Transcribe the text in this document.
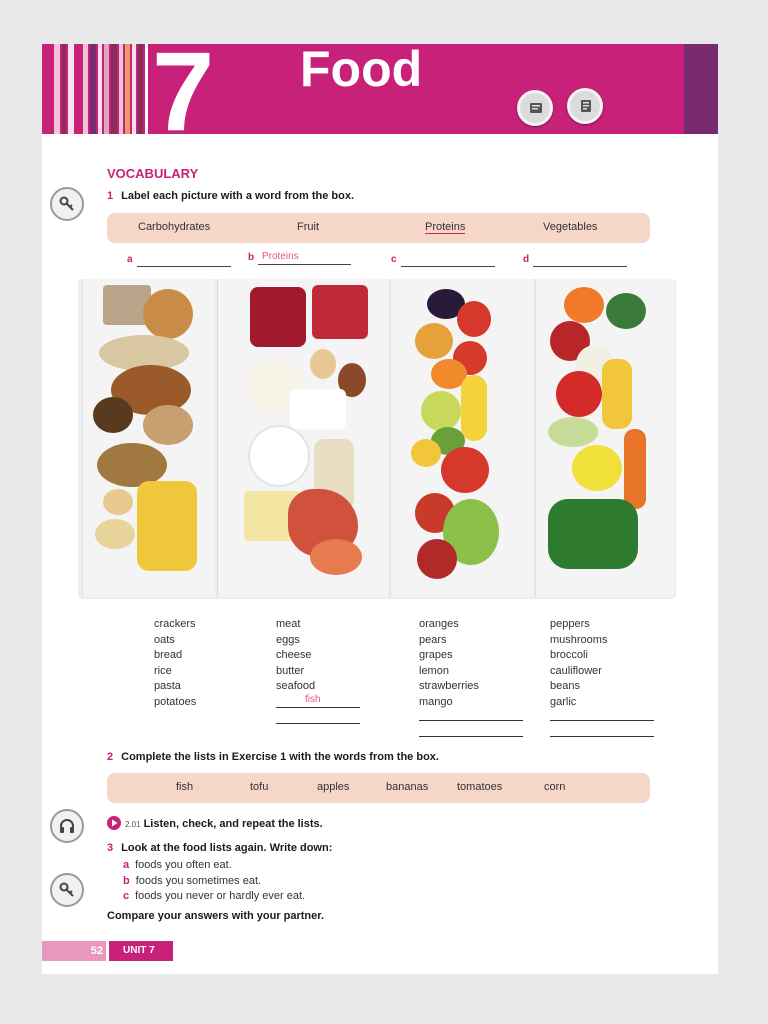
7 Food
VOCABULARY
1 Label each picture with a word from the box.
Carbohydrates	Fruit	Proteins	Vegetables
a	b Proteins	c	d
crackers
oats
bread
rice
pasta
potatoes
meat
eggs
cheese
butter
seafood
fish
oranges
pears
grapes
lemon
strawberries
mango
peppers
mushrooms
broccoli
cauliflower
beans
garlic
2 Complete the lists in Exercise 1 with the words from the box.
fish	tofu	apples	bananas	tomatoes	corn
2.01 Listen, check, and repeat the lists.
3 Look at the food lists again. Write down:
a foods you often eat.
b foods you sometimes eat.
c foods you never or hardly ever eat.
Compare your answers with your partner.
52	UNIT 7
